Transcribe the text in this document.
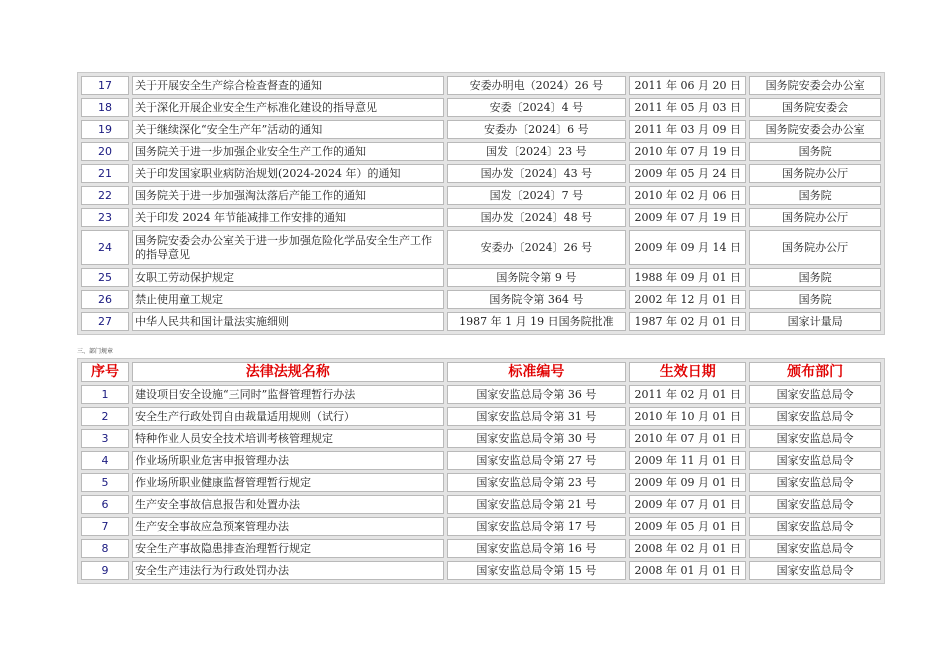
17	关于开展安全生产综合检查督查的通知	安委办明电（2024）26 号	2011 年 06 月 20 日	国务院安委会办公室
18	关于深化开展企业安全生产标准化建设的指导意见	安委〔2024〕4 号	2011 年 05 月 03 日	国务院安委会
19	关于继续深化“安全生产年”活动的通知	安委办〔2024〕6 号	2011 年 03 月 09 日	国务院安委会办公室
20	国务院关于进一步加强企业安全生产工作的通知	国发〔2024〕23 号	2010 年 07 月 19 日	国务院
21	关于印发国家职业病防治规划(2024-2024 年）的通知	国办发〔2024〕43 号	2009 年 05 月 24 日	国务院办公厅
22	国务院关于进一步加强淘汰落后产能工作的通知	国发〔2024〕7 号	2010 年 02 月 06 日	国务院
23	关于印发 2024 年节能减排工作安排的通知	国办发〔2024〕48 号	2009 年 07 月 19 日	国务院办公厅
24	国务院安委会办公室关于进一步加强危险化学品安全生产工作的指导意见	安委办〔2024〕26 号	2009 年 09 月 14 日	国务院办公厅
25	女职工劳动保护规定	国务院令第 9 号	1988 年 09 月 01 日	国务院
26	禁止使用童工规定	国务院令第 364 号	2002 年 12 月 01 日	国务院
27	中华人民共和国计量法实施细则	1987 年 1 月 19 日国务院批准	1987 年 02 月 01 日	国家计量局
三、部门规章
序号	法律法规名称	标准编号	生效日期	颁布部门
1	建设项目安全设施“三同时”监督管理暂行办法	国家安监总局令第 36 号	2011 年 02 月 01 日	国家安监总局令
2	安全生产行政处罚自由裁量适用规则（试行）	国家安监总局令第 31 号	2010 年 10 月 01 日	国家安监总局令
3	特种作业人员安全技术培训考核管理规定	国家安监总局令第 30 号	2010 年 07 月 01 日	国家安监总局令
4	作业场所职业危害申报管理办法	国家安监总局令第 27 号	2009 年 11 月 01 日	国家安监总局令
5	作业场所职业健康监督管理暂行规定	国家安监总局令第 23 号	2009 年 09 月 01 日	国家安监总局令
6	生产安全事故信息报告和处置办法	国家安监总局令第 21 号	2009 年 07 月 01 日	国家安监总局令
7	生产安全事故应急预案管理办法	国家安监总局令第 17 号	2009 年 05 月 01 日	国家安监总局令
8	安全生产事故隐患排查治理暂行规定	国家安监总局令第 16 号	2008 年 02 月 01 日	国家安监总局令
9	安全生产违法行为行政处罚办法	国家安监总局令第 15 号	2008 年 01 月 01 日	国家安监总局令
